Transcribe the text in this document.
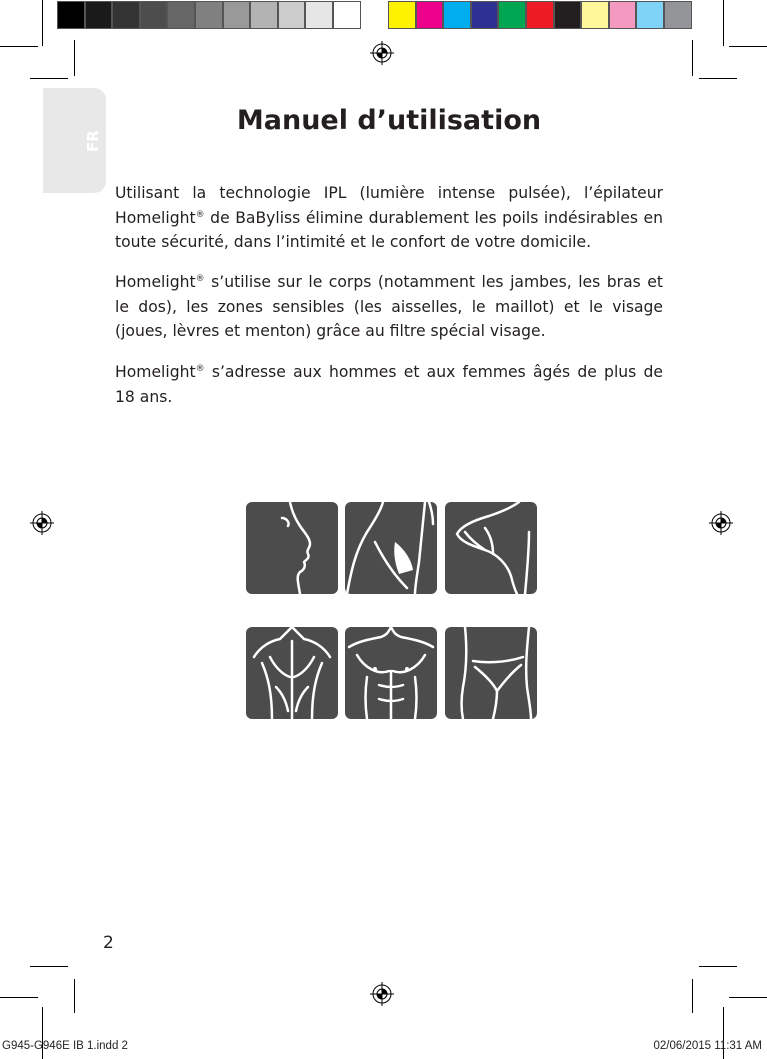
FR
Manuel d’utilisation
Utilisant la technologie IPL (lumière intense pulsée), l’épilateur Homelight® de BaByliss élimine durablement les poils indésirables en toute sécurité, dans l’intimité et le confort de votre domicile.
Homelight® s’utilise sur le corps (notamment les jambes, les bras et le dos), les zones sensibles (les aisselles, le maillot) et le visage (joues, lèvres et menton) grâce au filtre spécial visage.
Homelight® s’adresse aux hommes et aux femmes âgés de plus de 18 ans.
2
G945-G946E IB 1.indd 2	02/06/2015 11:31 AM
